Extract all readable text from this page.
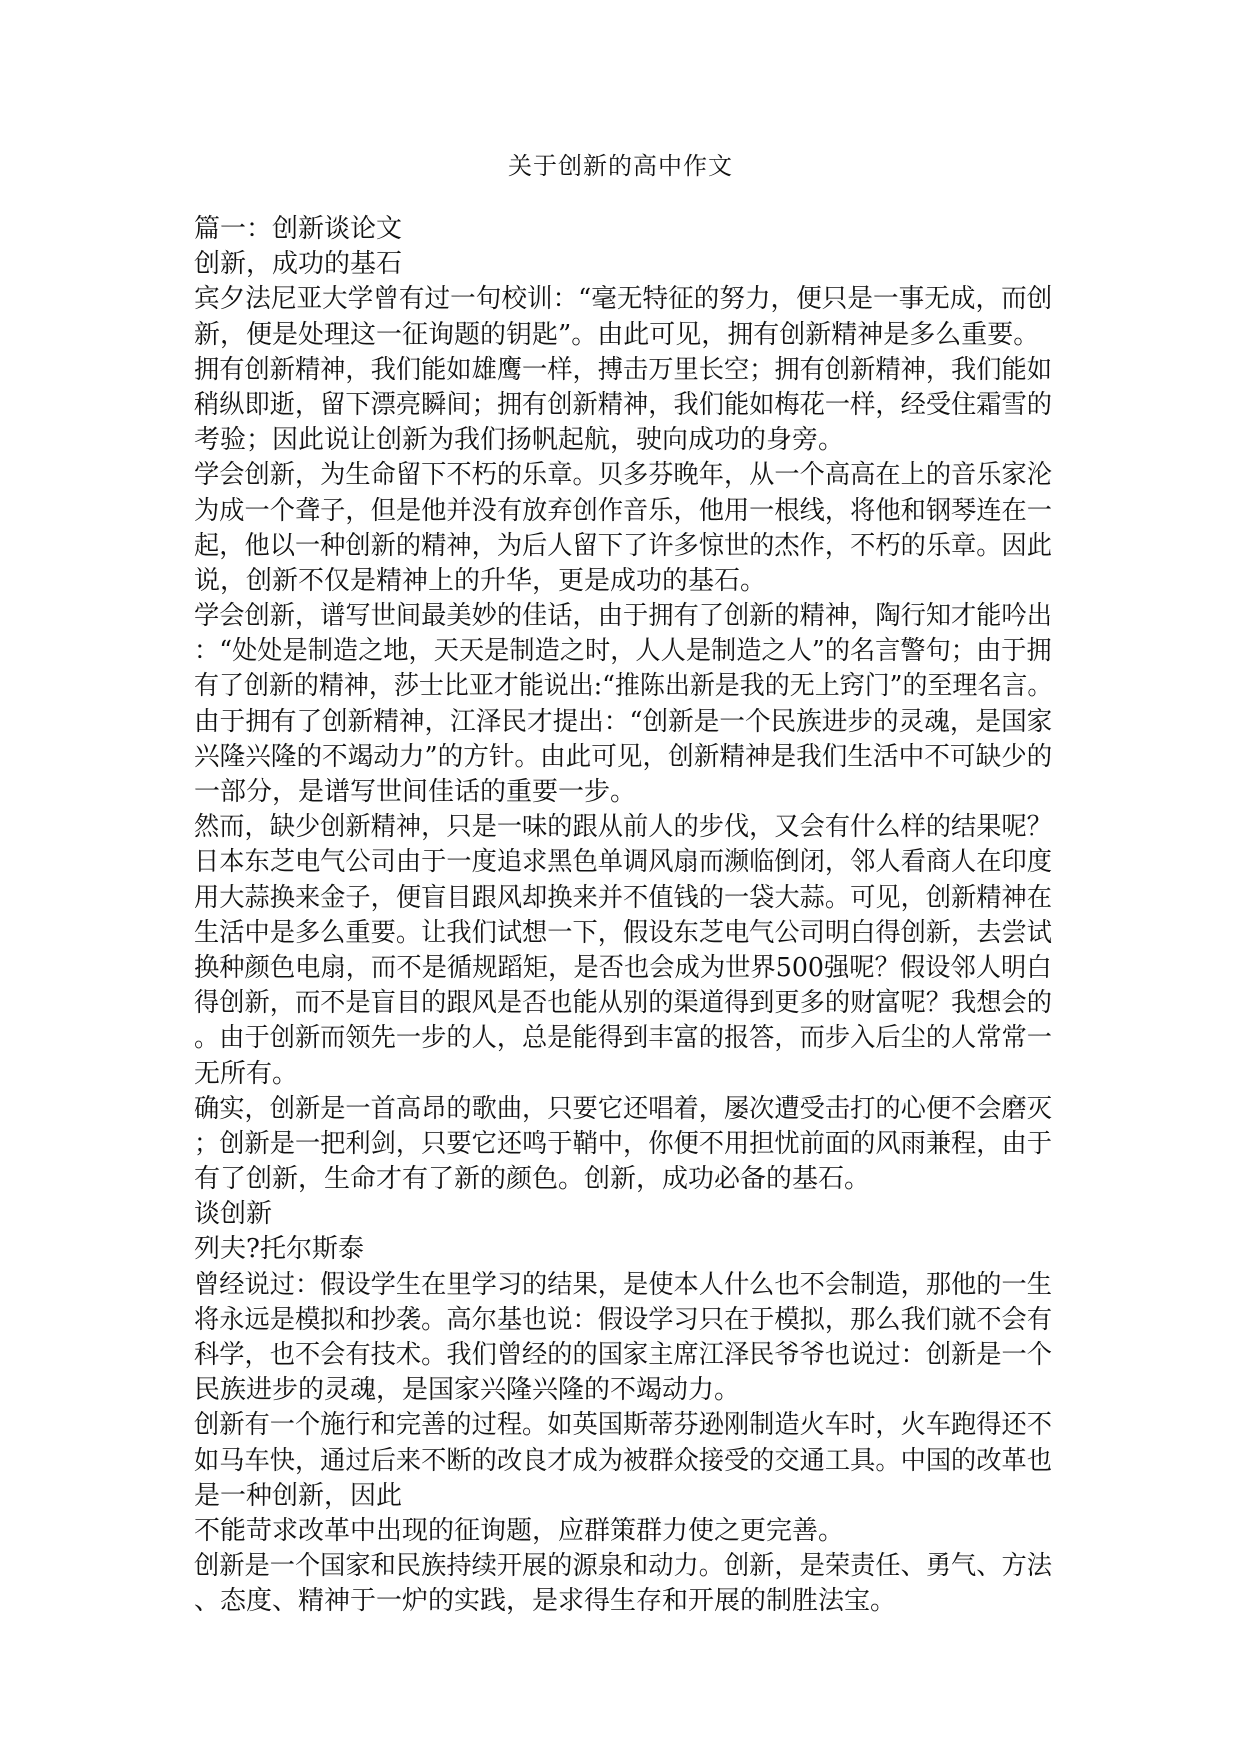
关于创新的高中作文
篇一：创新谈论文
创新，成功的基石
宾夕法尼亚大学曾有过一句校训：“毫无特征的努力，便只是一事无成，而创
新，便是处理这一征询题的钥匙”。由此可见，拥有创新精神是多么重要。
拥有创新精神，我们能如雄鹰一样，搏击万里长空；拥有创新精神，我们能如
稍纵即逝，留下漂亮瞬间；拥有创新精神，我们能如梅花一样，经受住霜雪的
考验；因此说让创新为我们扬帆起航，驶向成功的身旁。
学会创新，为生命留下不朽的乐章。贝多芬晚年，从一个高高在上的音乐家沦
为成一个聋子，但是他并没有放弃创作音乐，他用一根线，将他和钢琴连在一
起，他以一种创新的精神，为后人留下了许多惊世的杰作，不朽的乐章。因此
说，创新不仅是精神上的升华，更是成功的基石。
学会创新，谱写世间最美妙的佳话，由于拥有了创新的精神，陶行知才能吟出
：“处处是制造之地，天天是制造之时，人人是制造之人”的名言警句；由于拥
有了创新的精神，莎士比亚才能说出:“推陈出新是我的无上窍门”的至理名言。
由于拥有了创新精神，江泽民才提出：“创新是一个民族进步的灵魂，是国家
兴隆兴隆的不竭动力”的方针。由此可见，创新精神是我们生活中不可缺少的
一部分，是谱写世间佳话的重要一步。
然而，缺少创新精神，只是一味的跟从前人的步伐，又会有什么样的结果呢？
日本东芝电气公司由于一度追求黑色单调风扇而濒临倒闭，邻人看商人在印度
用大蒜换来金子，便盲目跟风却换来并不值钱的一袋大蒜。可见，创新精神在
生活中是多么重要。让我们试想一下，假设东芝电气公司明白得创新，去尝试
换种颜色电扇，而不是循规蹈矩，是否也会成为世界500强呢？假设邻人明白
得创新，而不是盲目的跟风是否也能从别的渠道得到更多的财富呢？我想会的
。由于创新而领先一步的人，总是能得到丰富的报答，而步入后尘的人常常一
无所有。
确实，创新是一首高昂的歌曲，只要它还唱着，屡次遭受击打的心便不会磨灭
；创新是一把利剑，只要它还鸣于鞘中，你便不用担忧前面的风雨兼程，由于
有了创新，生命才有了新的颜色。创新，成功必备的基石。
谈创新
列夫?托尔斯泰
曾经说过：假设学生在里学习的结果，是使本人什么也不会制造，那他的一生
将永远是模拟和抄袭。高尔基也说：假设学习只在于模拟，那么我们就不会有
科学，也不会有技术。我们曾经的的国家主席江泽民爷爷也说过：创新是一个
民族进步的灵魂，是国家兴隆兴隆的不竭动力。
创新有一个施行和完善的过程。如英国斯蒂芬逊刚制造火车时，火车跑得还不
如马车快，通过后来不断的改良才成为被群众接受的交通工具。中国的改革也
是一种创新，因此
不能苛求改革中出现的征询题，应群策群力使之更完善。
创新是一个国家和民族持续开展的源泉和动力。创新，是荣责任、勇气、方法
、态度、精神于一炉的实践，是求得生存和开展的制胜法宝。
